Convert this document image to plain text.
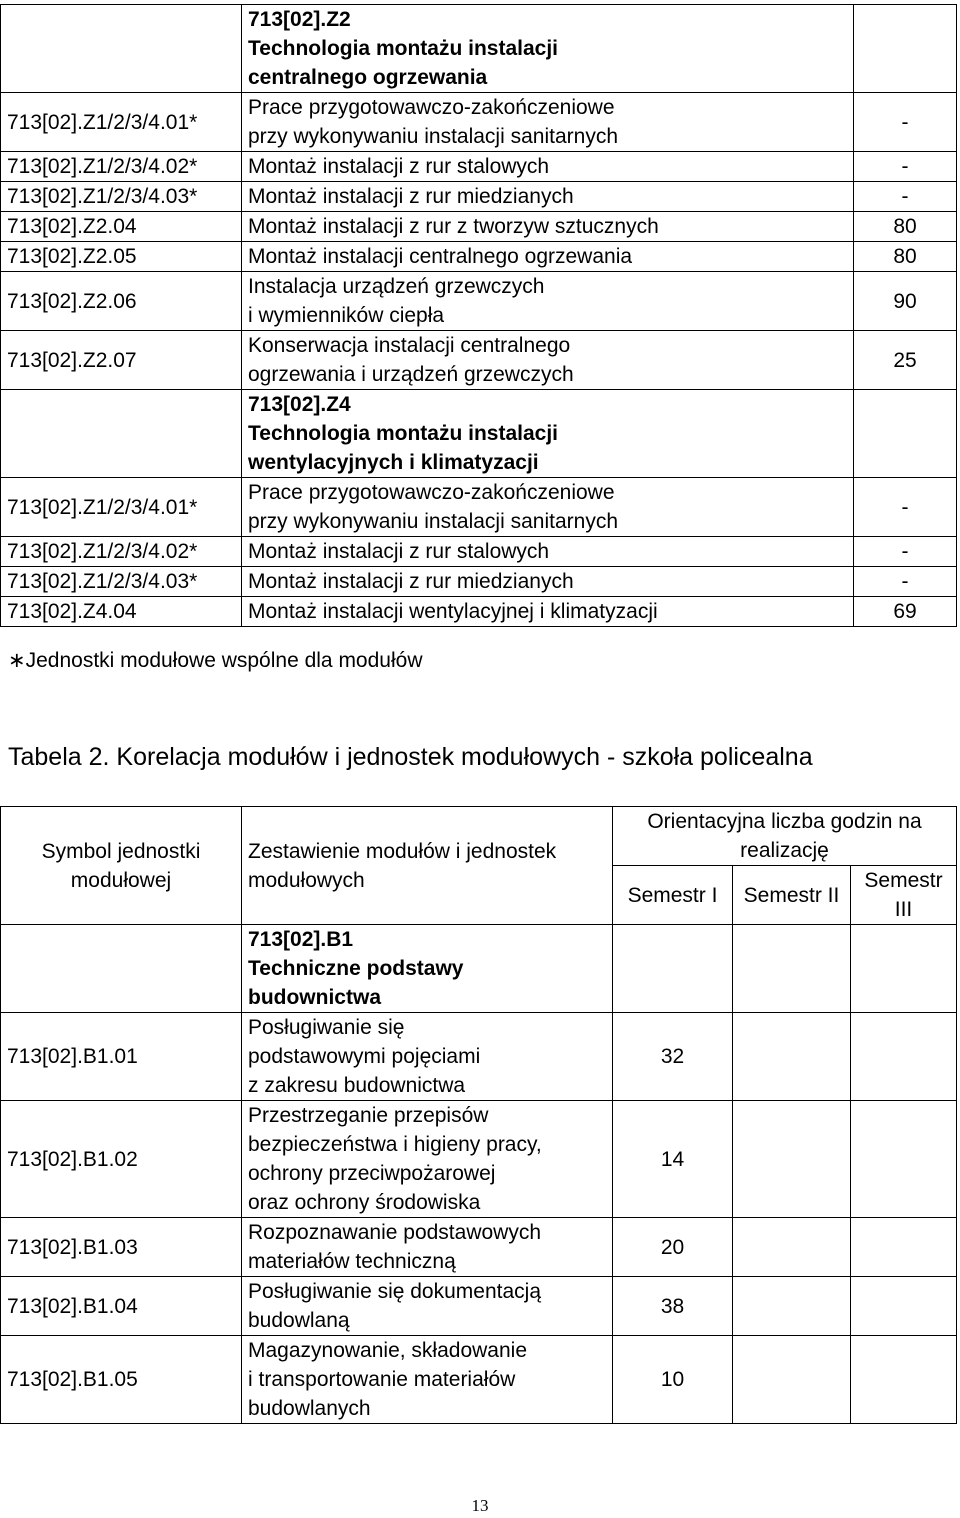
	713[02].Z2
Technologia montażu instalacji
centralnego ogrzewania	

713[02].Z1/2/3/4.01*	Prace przygotowawczo-zakończeniowe
przy wykonywaniu instalacji sanitarnych	-
713[02].Z1/2/3/4.02*	Montaż instalacji z rur stalowych	-
713[02].Z1/2/3/4.03*	Montaż instalacji z rur miedzianych	-
713[02].Z2.04	Montaż instalacji z rur z tworzyw sztucznych	80
713[02].Z2.05	Montaż instalacji centralnego ogrzewania	80
713[02].Z2.06	Instalacja urządzeń grzewczych
i wymienników ciepła	90
713[02].Z2.07	Konserwacja instalacji centralnego
ogrzewania i urządzeń grzewczych	25

	713[02].Z4
Technologia montażu instalacji
wentylacyjnych i klimatyzacji	

713[02].Z1/2/3/4.01*	Prace przygotowawczo-zakończeniowe
przy wykonywaniu instalacji sanitarnych	-
713[02].Z1/2/3/4.02*	Montaż instalacji z rur stalowych	-
713[02].Z1/2/3/4.03*	Montaż instalacji z rur miedzianych	-
713[02].Z4.04	Montaż instalacji wentylacyjnej i klimatyzacji	69
∗Jednostki modułowe wspólne dla modułów
Tabela 2. Korelacja modułów i jednostek modułowych - szkoła policealna
Symbol jednostki modułowej	Zestawienie modułów i jednostek modułowych	Orientacyjna liczba godzin na realizację		
		Semestr I	Semestr II	Semestr III

	713[02].B1
Techniczne podstawy
budownictwa			

713[02].B1.01	Posługiwanie się
podstawowymi pojęciami
z zakresu budownictwa	32		
713[02].B1.02	Przestrzeganie przepisów
bezpieczeństwa i higieny pracy,
ochrony przeciwpożarowej
oraz ochrony środowiska	14		
713[02].B1.03	Rozpoznawanie podstawowych
materiałów techniczną	20		
713[02].B1.04	Posługiwanie się dokumentacją
budowlaną	38		
713[02].B1.05	Magazynowanie, składowanie
i transportowanie materiałów
budowlanych	10		
13
